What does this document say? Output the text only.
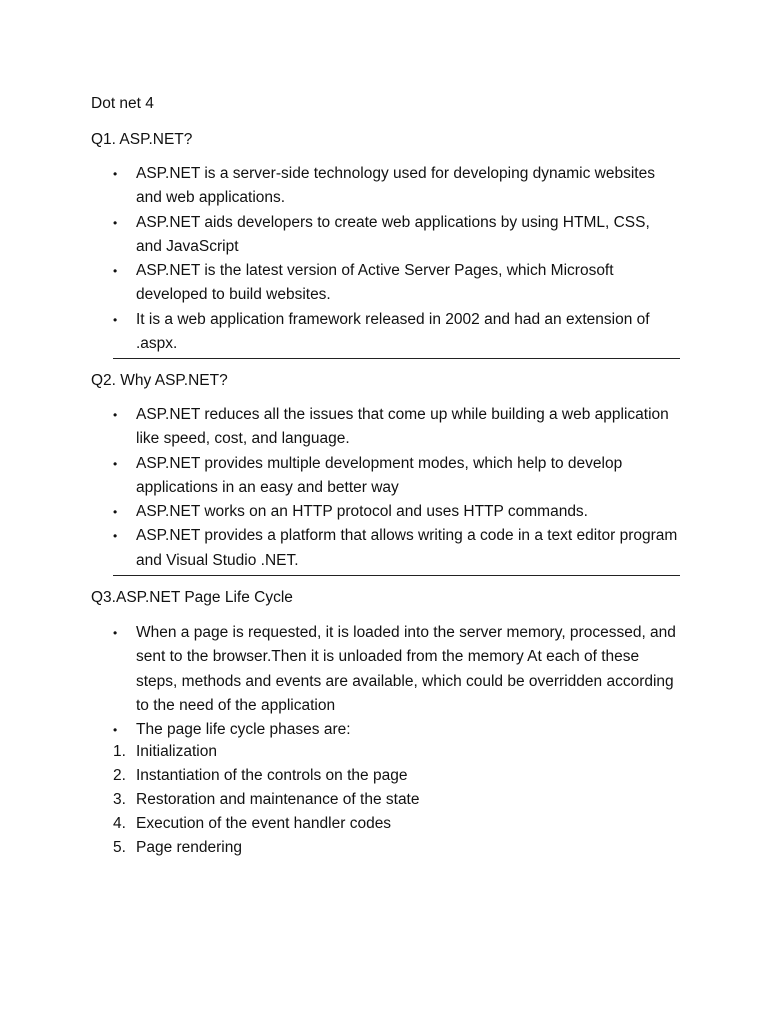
Dot net 4
Q1. ASP.NET?
•	ASP.NET is a server-side technology used for developing dynamic websites and web applications.
•	ASP.NET aids developers to create web applications by using HTML, CSS, and JavaScript
•	ASP.NET is the latest version of Active Server Pages, which Microsoft developed to build websites.
•	It is a web application framework released in 2002 and had an extension of .aspx.
Q2. Why ASP.NET?
•	ASP.NET reduces all the issues that come up while building a web application like speed, cost, and language.
•	ASP.NET provides multiple development modes, which help to develop applications in an easy and better way
•	ASP.NET works on an HTTP protocol and uses HTTP commands.
•	ASP.NET provides a platform that allows writing a code in a text editor program and Visual Studio .NET.
Q3.ASP.NET Page Life Cycle
•	When a page is requested, it is loaded into the server memory, processed, and sent to the browser.Then it is unloaded from the memory At each of these steps, methods and events are available, which could be overridden according to the need of the application
•	The page life cycle phases are:
1. Initialization
2. Instantiation of the controls on the page
3. Restoration and maintenance of the state
4. Execution of the event handler codes
5. Page rendering
